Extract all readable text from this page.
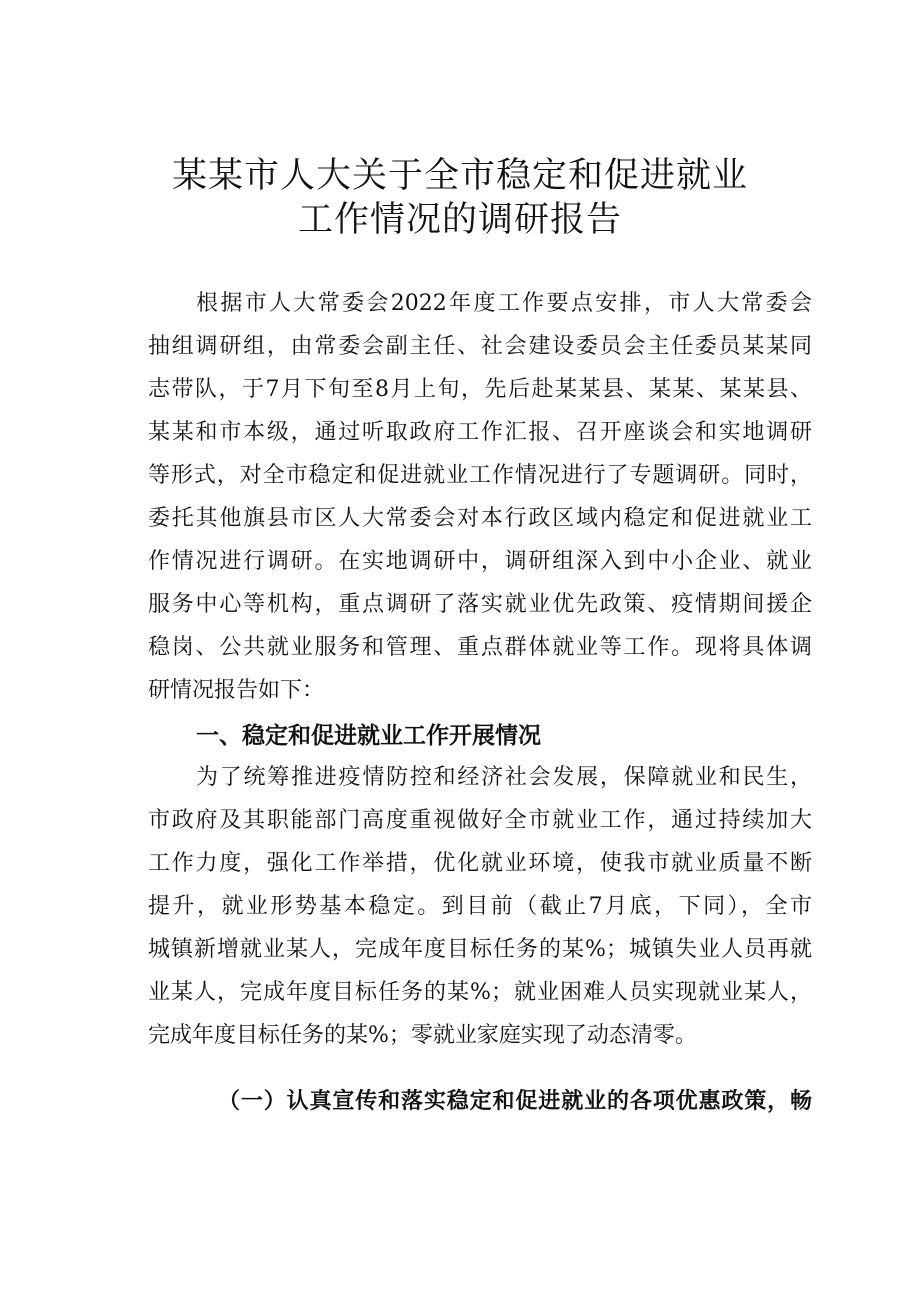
某某市人大关于全市稳定和促进就业
工作情况的调研报告
根据市人大常委会2022年度工作要点安排，市人大常委会
抽组调研组，由常委会副主任、社会建设委员会主任委员某某同
志带队，于7月下旬至8月上旬，先后赴某某县、某某、某某县、
某某和市本级，通过听取政府工作汇报、召开座谈会和实地调研
等形式，对全市稳定和促进就业工作情况进行了专题调研。同时，
委托其他旗县市区人大常委会对本行政区域内稳定和促进就业工
作情况进行调研。在实地调研中，调研组深入到中小企业、就业
服务中心等机构，重点调研了落实就业优先政策、疫情期间援企
稳岗、公共就业服务和管理、重点群体就业等工作。现将具体调
研情况报告如下：
一、稳定和促进就业工作开展情况
为了统筹推进疫情防控和经济社会发展，保障就业和民生，
市政府及其职能部门高度重视做好全市就业工作，通过持续加大
工作力度，强化工作举措，优化就业环境，使我市就业质量不断
提升，就业形势基本稳定。到目前（截止7月底，下同），全市
城镇新增就业某人，完成年度目标任务的某%；城镇失业人员再就
业某人，完成年度目标任务的某%；就业困难人员实现就业某人，
完成年度目标任务的某%；零就业家庭实现了动态清零。
（一）认真宣传和落实稳定和促进就业的各项优惠政策，畅
